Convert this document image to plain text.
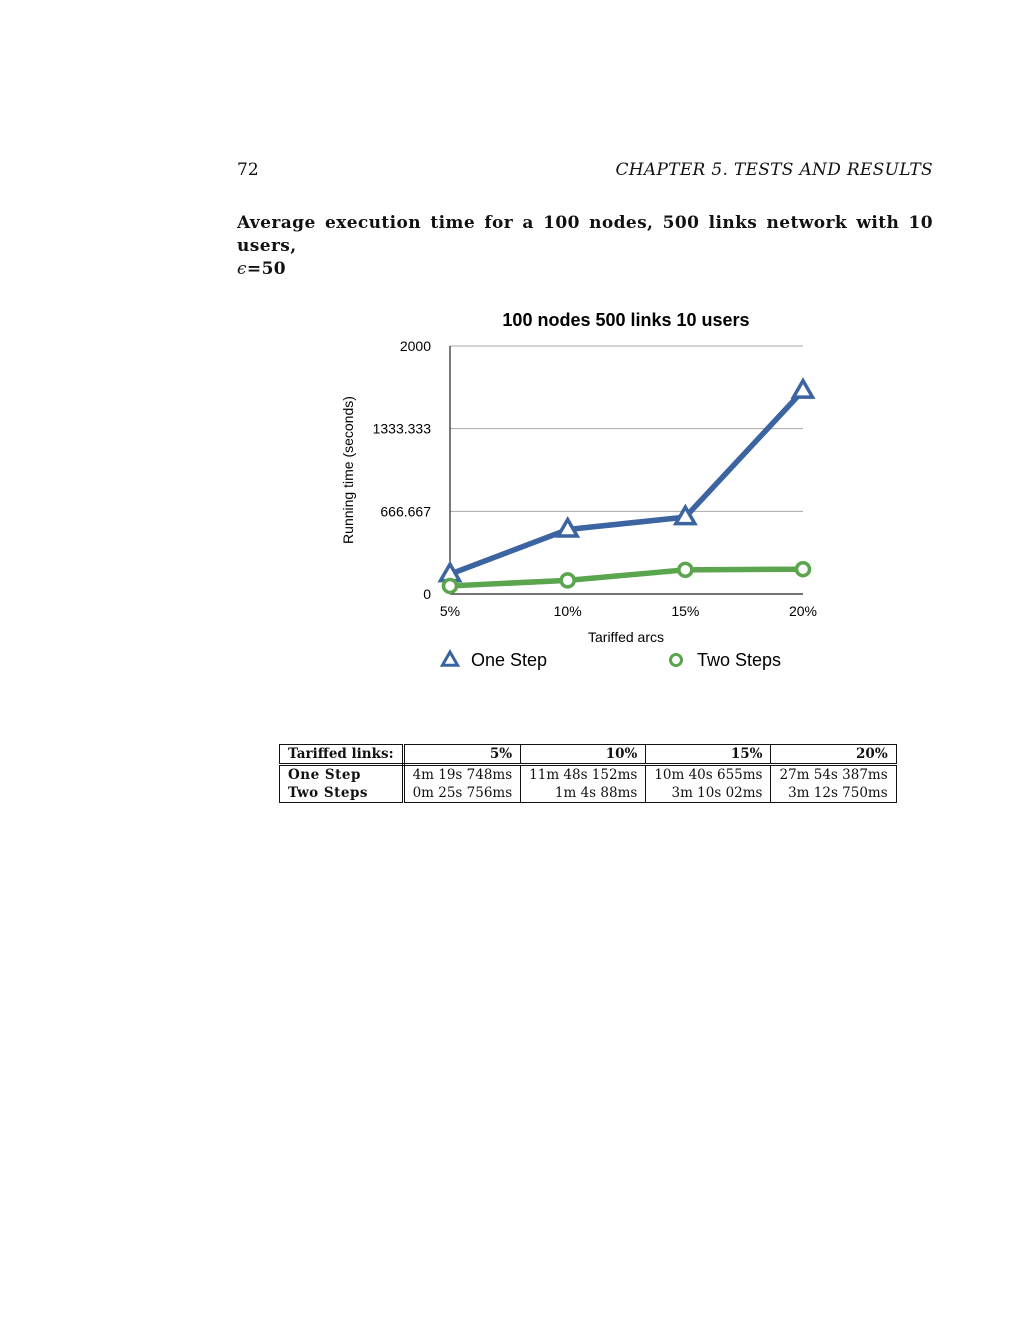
72	CHAPTER 5. TESTS AND RESULTS
Average execution time for a 100 nodes, 500 links network with 10 users,
ϵ=50
100 nodes 500 links 10 users
0
666.667
1333.333
2000
5%	10%	15%	20%
Running time (seconds)
Tariffed arcs
One Step	Two Steps
Tariffed links:	5%	10%	15%	20%
One Step	4m 19s 748ms	11m 48s 152ms	10m 40s 655ms	27m 54s 387ms
Two Steps	0m 25s 756ms	1m 4s 88ms	3m 10s 02ms	3m 12s 750ms
